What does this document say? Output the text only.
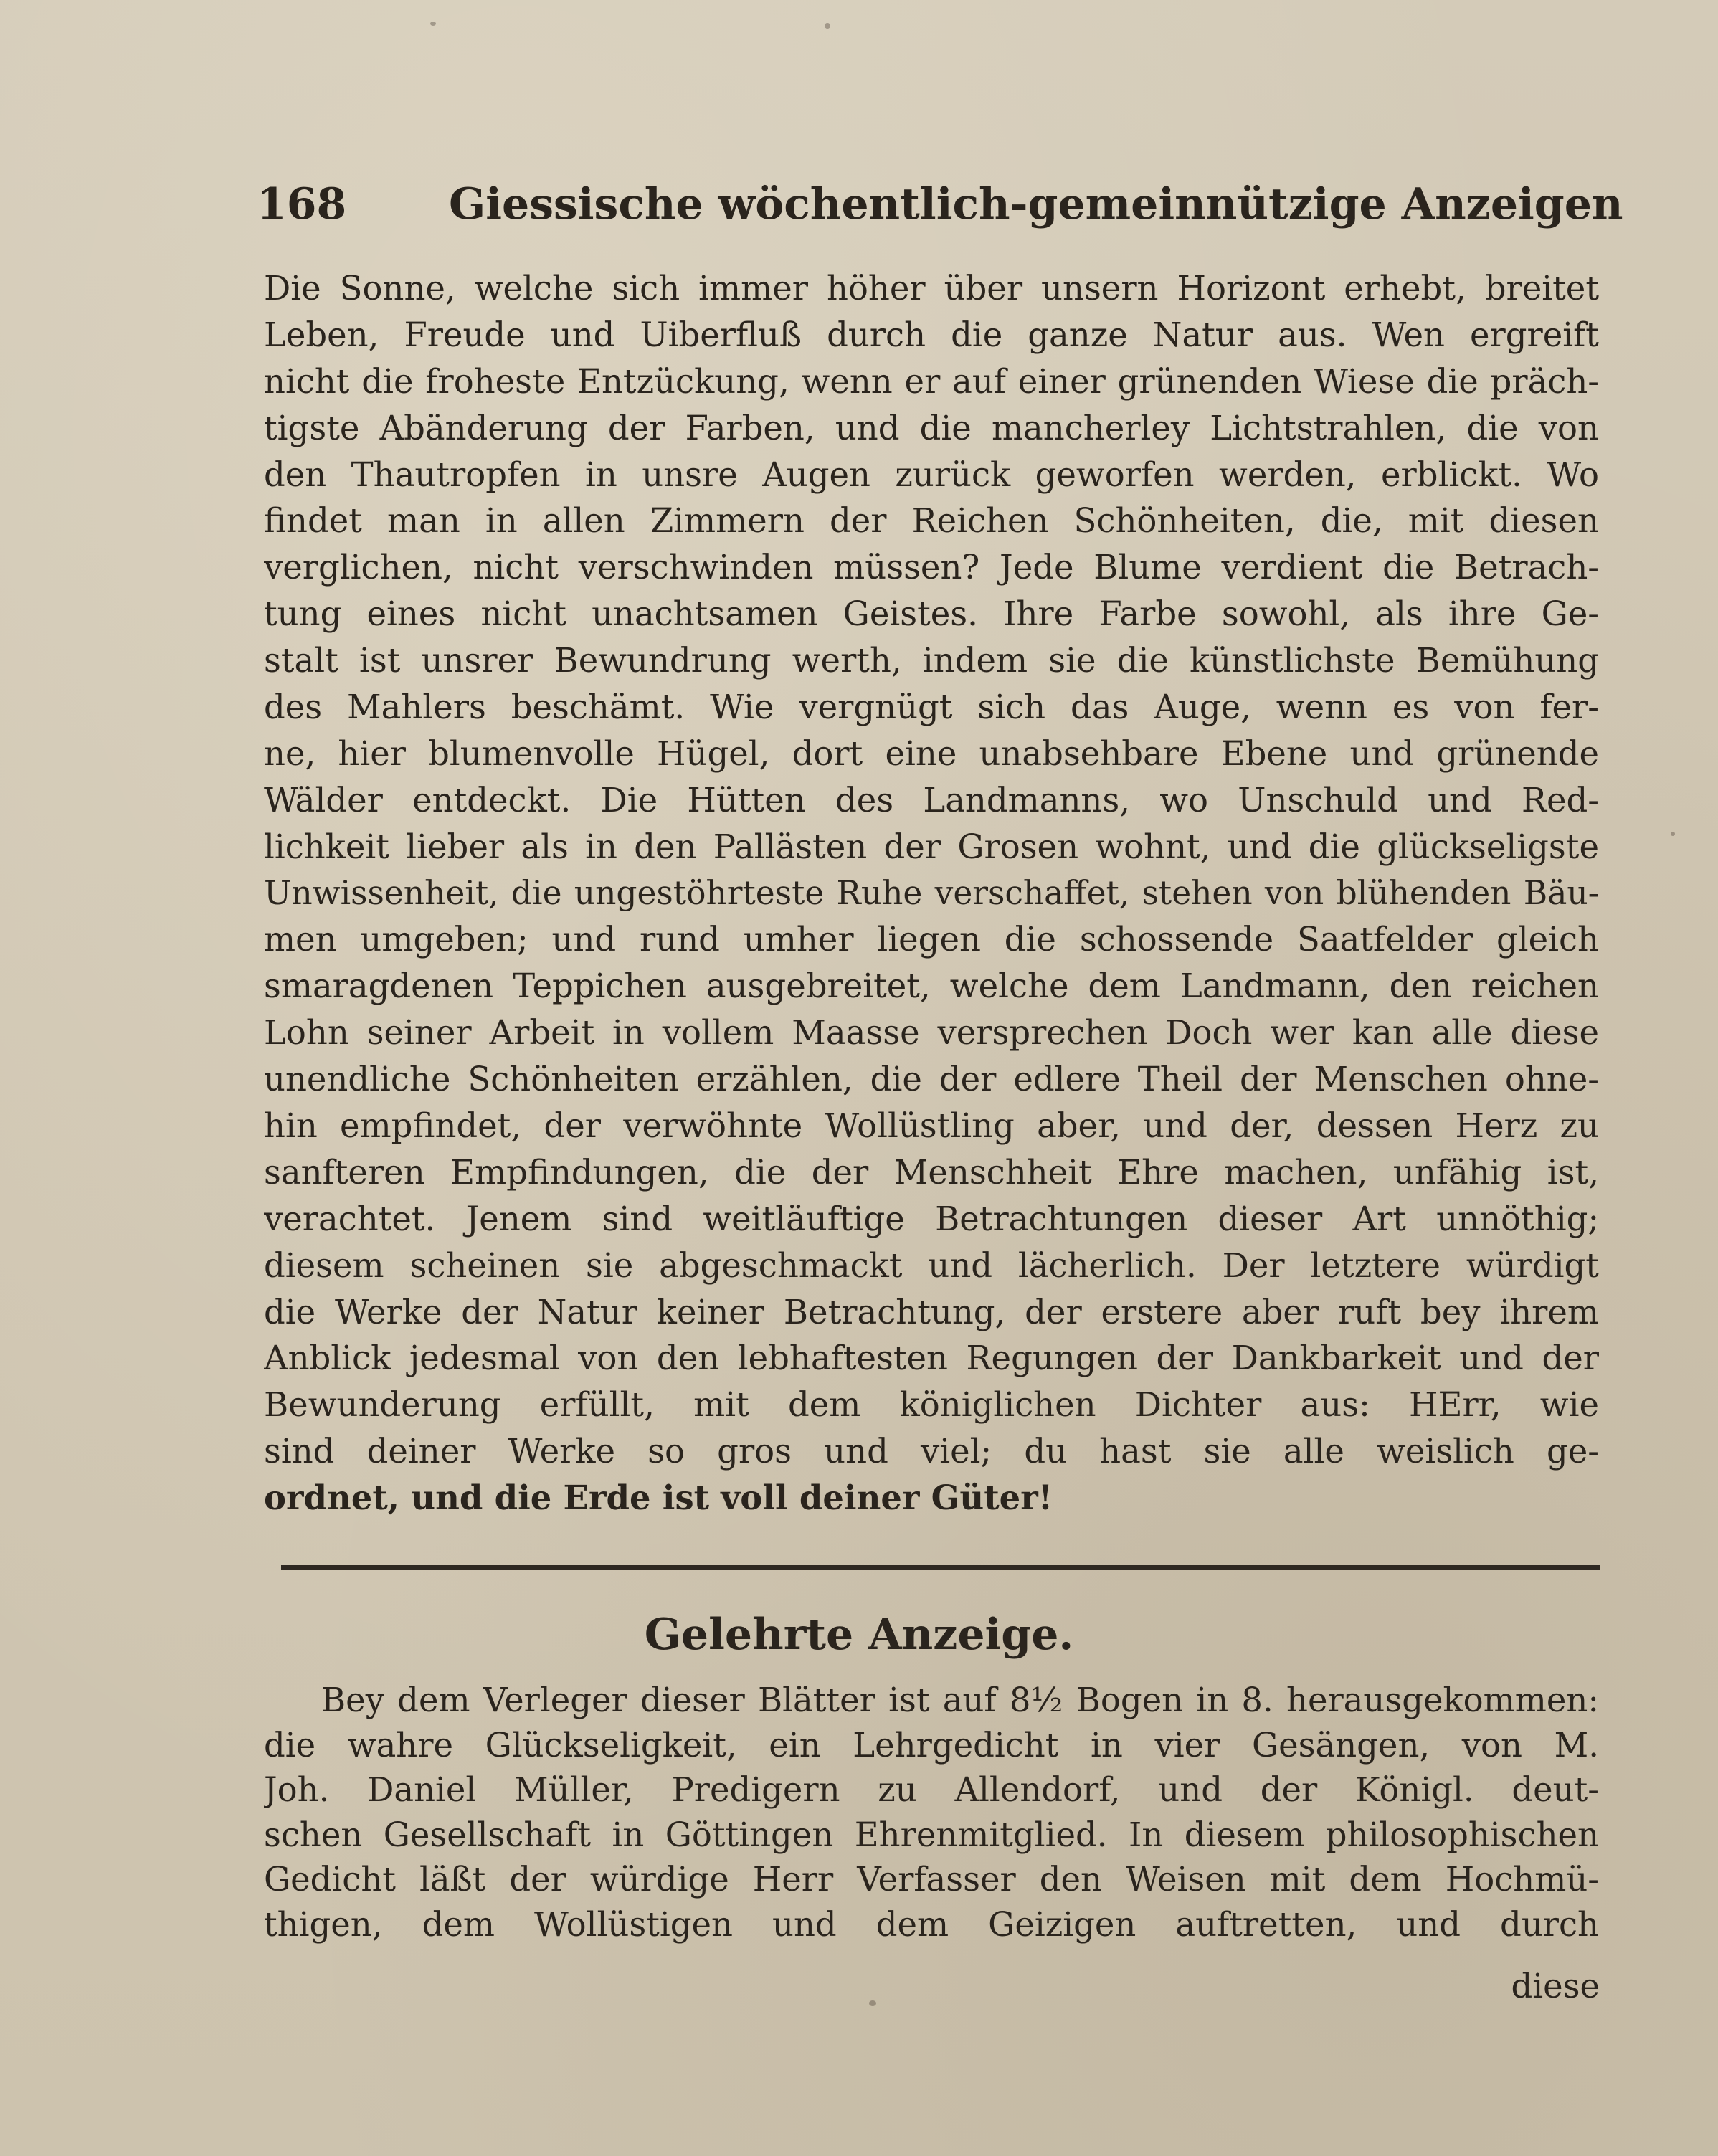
168 Giessische wöchentlich-gemeinnützige Anzeigen
Die Sonne, welche sich immer höher über unsern Horizont erhebt, breitet
Leben, Freude und Uiberfluß durch die ganze Natur aus. Wen ergreift
nicht die froheste Entzückung, wenn er auf einer grünenden Wiese die präch-
tigste Abänderung der Farben, und die mancherley Lichtstrahlen, die von
den Thautropfen in unsre Augen zurück geworfen werden, erblickt. Wo
findet man in allen Zimmern der Reichen Schönheiten, die, mit diesen
verglichen, nicht verschwinden müssen? Jede Blume verdient die Betrach-
tung eines nicht unachtsamen Geistes. Ihre Farbe sowohl, als ihre Ge-
stalt ist unsrer Bewundrung werth, indem sie die künstlichste Bemühung
des Mahlers beschämt. Wie vergnügt sich das Auge, wenn es von fer-
ne, hier blumenvolle Hügel, dort eine unabsehbare Ebene und grünende
Wälder entdeckt. Die Hütten des Landmanns, wo Unschuld und Red-
lichkeit lieber als in den Pallästen der Grosen wohnt, und die glückseligste
Unwissenheit, die ungestöhrteste Ruhe verschaffet, stehen von blühenden Bäu-
men umgeben; und rund umher liegen die schossende Saatfelder gleich
smaragdenen Teppichen ausgebreitet, welche dem Landmann, den reichen
Lohn seiner Arbeit in vollem Maasse versprechen Doch wer kan alle diese
unendliche Schönheiten erzählen, die der edlere Theil der Menschen ohne-
hin empfindet, der verwöhnte Wollüstling aber, und der, dessen Herz zu
sanfteren Empfindungen, die der Menschheit Ehre machen, unfähig ist,
verachtet. Jenem sind weitläuftige Betrachtungen dieser Art unnöthig;
diesem scheinen sie abgeschmackt und lächerlich. Der letztere würdigt
die Werke der Natur keiner Betrachtung, der erstere aber ruft bey ihrem
Anblick jedesmal von den lebhaftesten Regungen der Dankbarkeit und der
Bewunderung erfüllt, mit dem königlichen Dichter aus: HErr, wie
sind deiner Werke so gros und viel; du hast sie alle weislich ge-
ordnet, und die Erde ist voll deiner Güter!
Gelehrte Anzeige.
Bey dem Verleger dieser Blätter ist auf 8½ Bogen in 8. herausgekommen:
die wahre Glückseligkeit, ein Lehrgedicht in vier Gesängen, von M.
Joh. Daniel Müller, Predigern zu Allendorf, und der Königl. deut-
schen Gesellschaft in Göttingen Ehrenmitglied. In diesem philosophischen
Gedicht läßt der würdige Herr Verfasser den Weisen mit dem Hochmü-
thigen, dem Wollüstigen und dem Geizigen auftretten, und durch
diese
